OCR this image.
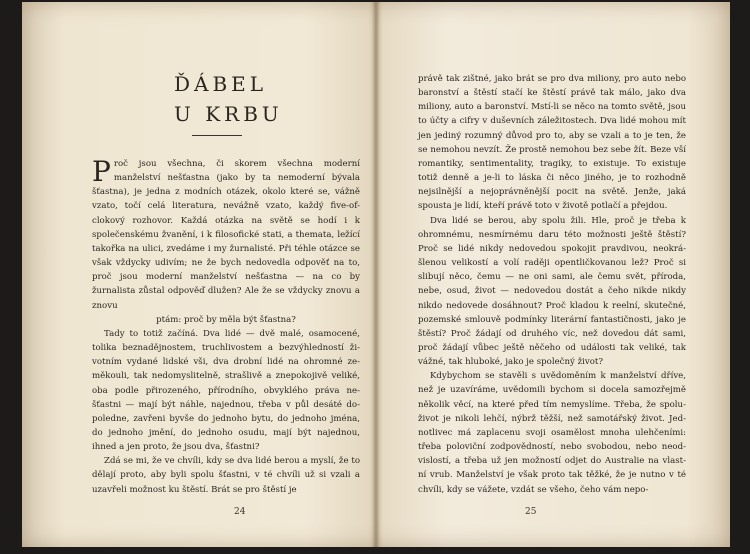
ĎÁBEL
U KRBU

Proč jsou všechna, či skorem všechna moderní manželství nešťastna (jako by ta nemoderní bývala šťastna), je jedna z modních otázek, okolo které se, vážně vzato, točí celá literatura, nevážně vzato, každý five-of-clokový rozhovor. Každá otázka na světě se hodí i k společenskému žvanění, i k filosofické stati, a themata, ležící takořka na ulici, zvedáme i my žurnalisté. Při téhle otázce se však vždycky udivím; ne že bych nedovedla odpověť na to, proč jsou moderní manželství nešťastna — na co by žurnalista zůstal odpověď dlužen? Ale že se vždycky znovu a znovu

ptám: proč by měla být šťastna?

Tady to totiž začíná. Dva lidé — dvě malé, osamocené, tolika beznadějnostem, truchlivostem a bezvýhledností ži- votním vydané lidské vši, dva drobní lidé na ohromné ze- měkouli, tak nedomyslitelně, strašlivě a znepokojivě veliké, oba podle přirozeného, přírodního, obvyklého práva ne- šťastni — mají být náhle, najednou, třeba v půl desáté do- poledne, zavřeni byvše do jednoho bytu, do jednoho jména, do jednoho jmění, do jednoho osudu, mají být najednou, ihned a jen proto, že jsou dva, šťastni?

Zdá se mi, že ve chvíli, kdy se dva lidé berou a myslí, že to dělají proto, aby byli spolu šťastni, v té chvíli už si vzali a uzavřeli možnost ku štěstí. Brát se pro štěstí je

24

právě tak zištné, jako brát se pro dva miliony, pro auto nebo baronství a štěstí stačí ke štěstí právě tak málo, jako dva miliony, auto a baronství. Mstí-li se něco na tomto světě, jsou to účty a cifry v duševních záležitostech. Dva lidé mohou mít jen jediný rozumný důvod pro to, aby se vzali a to je ten, že se nemohou nevzít. Že prostě nemohou bez sebe žít. Beze vší romantiky, sentimentality, tragiky, to existuje. To existuje totiž denně a je-li to láska či něco jiného, je to rozhodně nejsilnější a nejoprávněnější pocit na světě. Jenže, jaká spousta je lidí, kteří právě toto v životě potlačí a přejdou.

Dva lidé se berou, aby spolu žili. Hle, proč je třeba k ohromnému, nesmírnému daru této možnosti ještě štěstí? Proč se lidé nikdy nedovedou spokojit pravdivou, neokrá- šlenou velikostí a volí raději opentličkovanou lež? Proč si slibují něco, čemu — ne oni sami, ale čemu svět, příroda, nebe, osud, život — nedovedou dostát a čeho nikde nikdy nikdo nedovede dosáhnout? Proč kladou k reelní, skutečné, pozemské smlouvě podmínky literární fantastičnosti, jako je štěstí? Proč žádají od druhého víc, než dovedou dát sami, proč žádají vůbec ještě něčeho od události tak veliké, tak vážné, tak hluboké, jako je společný život?

Kdybychom se stavěli s uvědoměním k manželství dříve, než je uzavíráme, uvědomili bychom si docela samozřejmě několik věcí, na které před tím nemyslíme. Třeba, že spolu- život je nikoli lehčí, nýbrž těžší, než samotářský život. Jed- notlivec má zaplacenu svoji osamělost mnoha ulehčeními: třeba poloviční zodpovědností, nebo svobodou, nebo neod- vislostí, a třeba už jen možností odjet do Australie na vlast- ní vrub. Manželství je však proto tak těžké, že je nutno v té chvíli, kdy se vážete, vzdát se všeho, čeho vám nepo-

25
